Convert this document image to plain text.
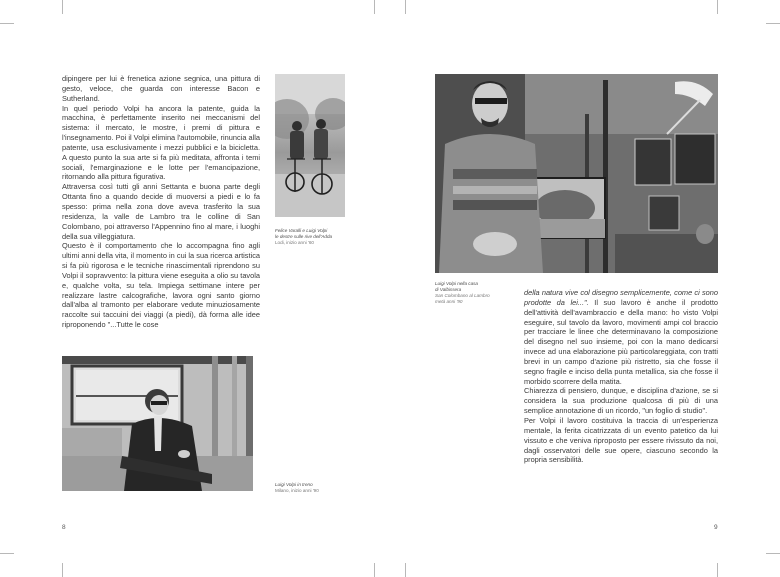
dipingere per lui è frenetica azione segnica, una pittura di gesto, veloce, che guarda con interesse Bacon e Sutherland.

In quel periodo Volpi ha ancora la patente, guida la macchina, è perfettamente inserito nei meccanismi del sistema: il mercato, le mostre, i premi di pittura e l'insegnamento. Poi il Volpi elimina l'automobile, rinuncia alla patente, usa esclusivamente i mezzi pubblici e la bicicletta. A questo punto la sua arte si fa più meditata, affronta i temi sociali, l'emarginazione e le lotte per l'emancipazione, ritornando alla pittura figurativa.

Attraversa così tutti gli anni Settanta e buona parte degli Ottanta fino a quando decide di muoversi a piedi e lo fa spesso: prima nella zona dove aveva trasferito la sua residenza, la valle de Lambro tra le colline di San Colombano, poi attraverso l'Appennino fino al mare, i luoghi della sua villeggiatura.

Questo è il comportamento che lo accompagna fino agli ultimi anni della vita, il momento in cui la sua ricerca artistica si fa più rigorosa e le tecniche rinascimentali riprendono su Volpi il sopravvento: la pittura viene eseguita a olio su tavola e, qualche volta, su tela. Impiega settimane intere per realizzare lastre calcografiche, lavora ogni santo giorno dall'alba al tramonto per elaborare vedute minuziosamente raccolte sui taccuini dei viaggi (a piedi), dà forma alle idee riproponendo "...Tutte le cose

Felice Varalli e Luigi Volpi
le destre sulle rive dell'Adda
Lodi, inizio anni '60
Luigi Volpi in treno
Milano, inizio anni '90
8
Luigi Volpi nella casa
di Valbissera
San Colombano al Lambro
metà anni '90

della natura vive col disegno semplicemente, come ci sono prodotte da lei...". Il suo lavoro è anche il prodotto dell'attività dell'avambraccio e della mano: ho visto Volpi eseguire, sul tavolo da lavoro, movimenti ampi col braccio per tracciare le linee che determinavano la composizione del disegno nel suo insieme, poi con la mano dedicarsi invece ad una elaborazione più particolareggiata, con tratti brevi in un campo d'azione più ristretto, sia che fosse il segno fragile e inciso della punta metallica, sia che fosse il morbido scorrere della matita.

Chiarezza di pensiero, dunque, e disciplina d'azione, se si considera la sua produzione qualcosa di più di una semplice annotazione di un ricordo, "un foglio di studio".

Per Volpi il lavoro costituiva la traccia di un'esperienza mentale, la ferita cicatrizzata di un evento patetico da lui vissuto e che veniva riproposto per essere rivissuto da noi, dagli osservatori delle sue opere, ciascuno secondo la propria sensibilità.

9
